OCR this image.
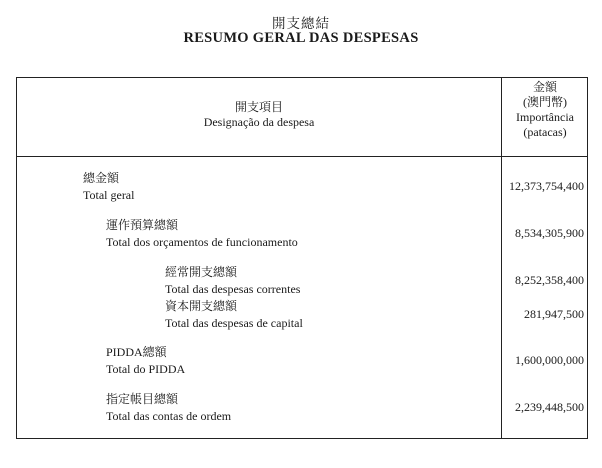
開支總結
RESUMO GERAL DAS DESPESAS
開支項目
Designação da despesa
金額
(澳門幣)
Importância
(patacas)
總金額
Total geral
12,373,754,400
運作預算總額
Total dos orçamentos de funcionamento
8,534,305,900
經常開支總額
Total das despesas correntes
8,252,358,400
資本開支總額
Total das despesas de capital
281,947,500
PIDDA總額
Total do PIDDA
1,600,000,000
指定帳目總額
Total das contas de ordem
2,239,448,500
